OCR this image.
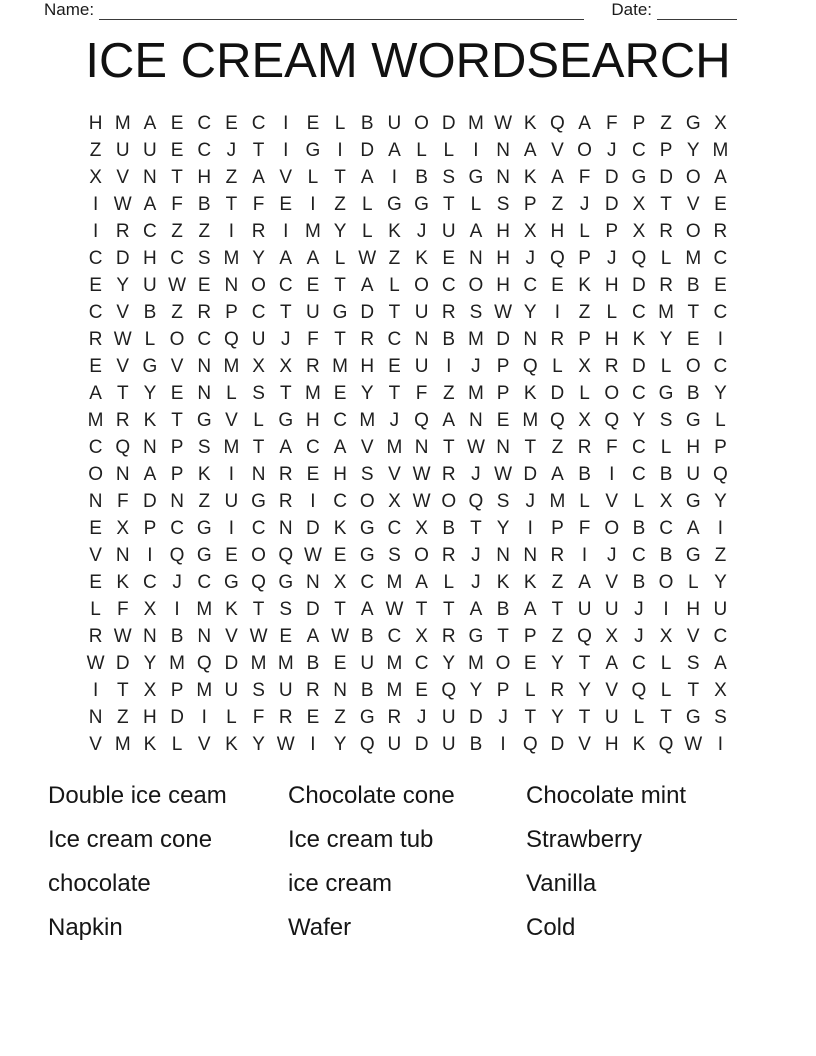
Name:	Date:
ICE CREAM WORDSEARCH
H M A E C E C I E L B U O D M W K Q A F P Z G X
Z U U E C J T I G I D A L L	I N A V O J C P Y M
X V N T H Z A V L T A I B S G N K A F D G D O A
I W A F B T F E I Z L G G T L S P Z J D X T V E
I R C Z Z I R I M Y L K J U A H X H L P X R O R
C D H C S M Y A A L W Z K E N H J Q P J Q L M C
E Y U W E N O C E T A L O C O H C E K H D R B E
C V B Z R P C T U G D T U R S W Y I Z L C M T C
R W L O C Q U J F T R C N B M D N R P H K Y E I
E V G V N M X X R M H E U I	J P Q L X R D L O C
A T Y E N L S T M E Y T F Z M P K D L O C G B Y
M R K T G V L G H C M J Q A N E M Q X Q Y S G L
C Q N P S M T A C A V M N T W N T Z R F C L H P
O N A P K I N R E H S V W R J W D A B I C B U Q
N F D N Z U G R I C O X W O Q S J M L V L X G Y
E X P C G I C N D K G C X B T Y I P F O B C A I
V N I Q G E O Q W E G S O R J N N R I	J C B G Z
E K C J C G Q G N X C M A L J K K Z A V B O L Y
L F X I M K T S D T A W T T A B A T U U J	I H U
R W N B N V W E A W B C X R G T P Z Q X J X V C
W D Y M Q D M M B E U M C Y M O E Y T A C L S A
I T X P M U S U R N B M E Q Y P L R Y V Q L T X
N Z H D I	L F R E Z G R J U D J T Y T U L T G S
V M K L V K Y W I Y Q U D U B I Q D V H K Q W I
Double ice ceam
Ice cream cone
chocolate
Napkin
Chocolate cone
Ice cream tub
ice cream
Wafer
Chocolate mint
Strawberry
Vanilla
Cold
